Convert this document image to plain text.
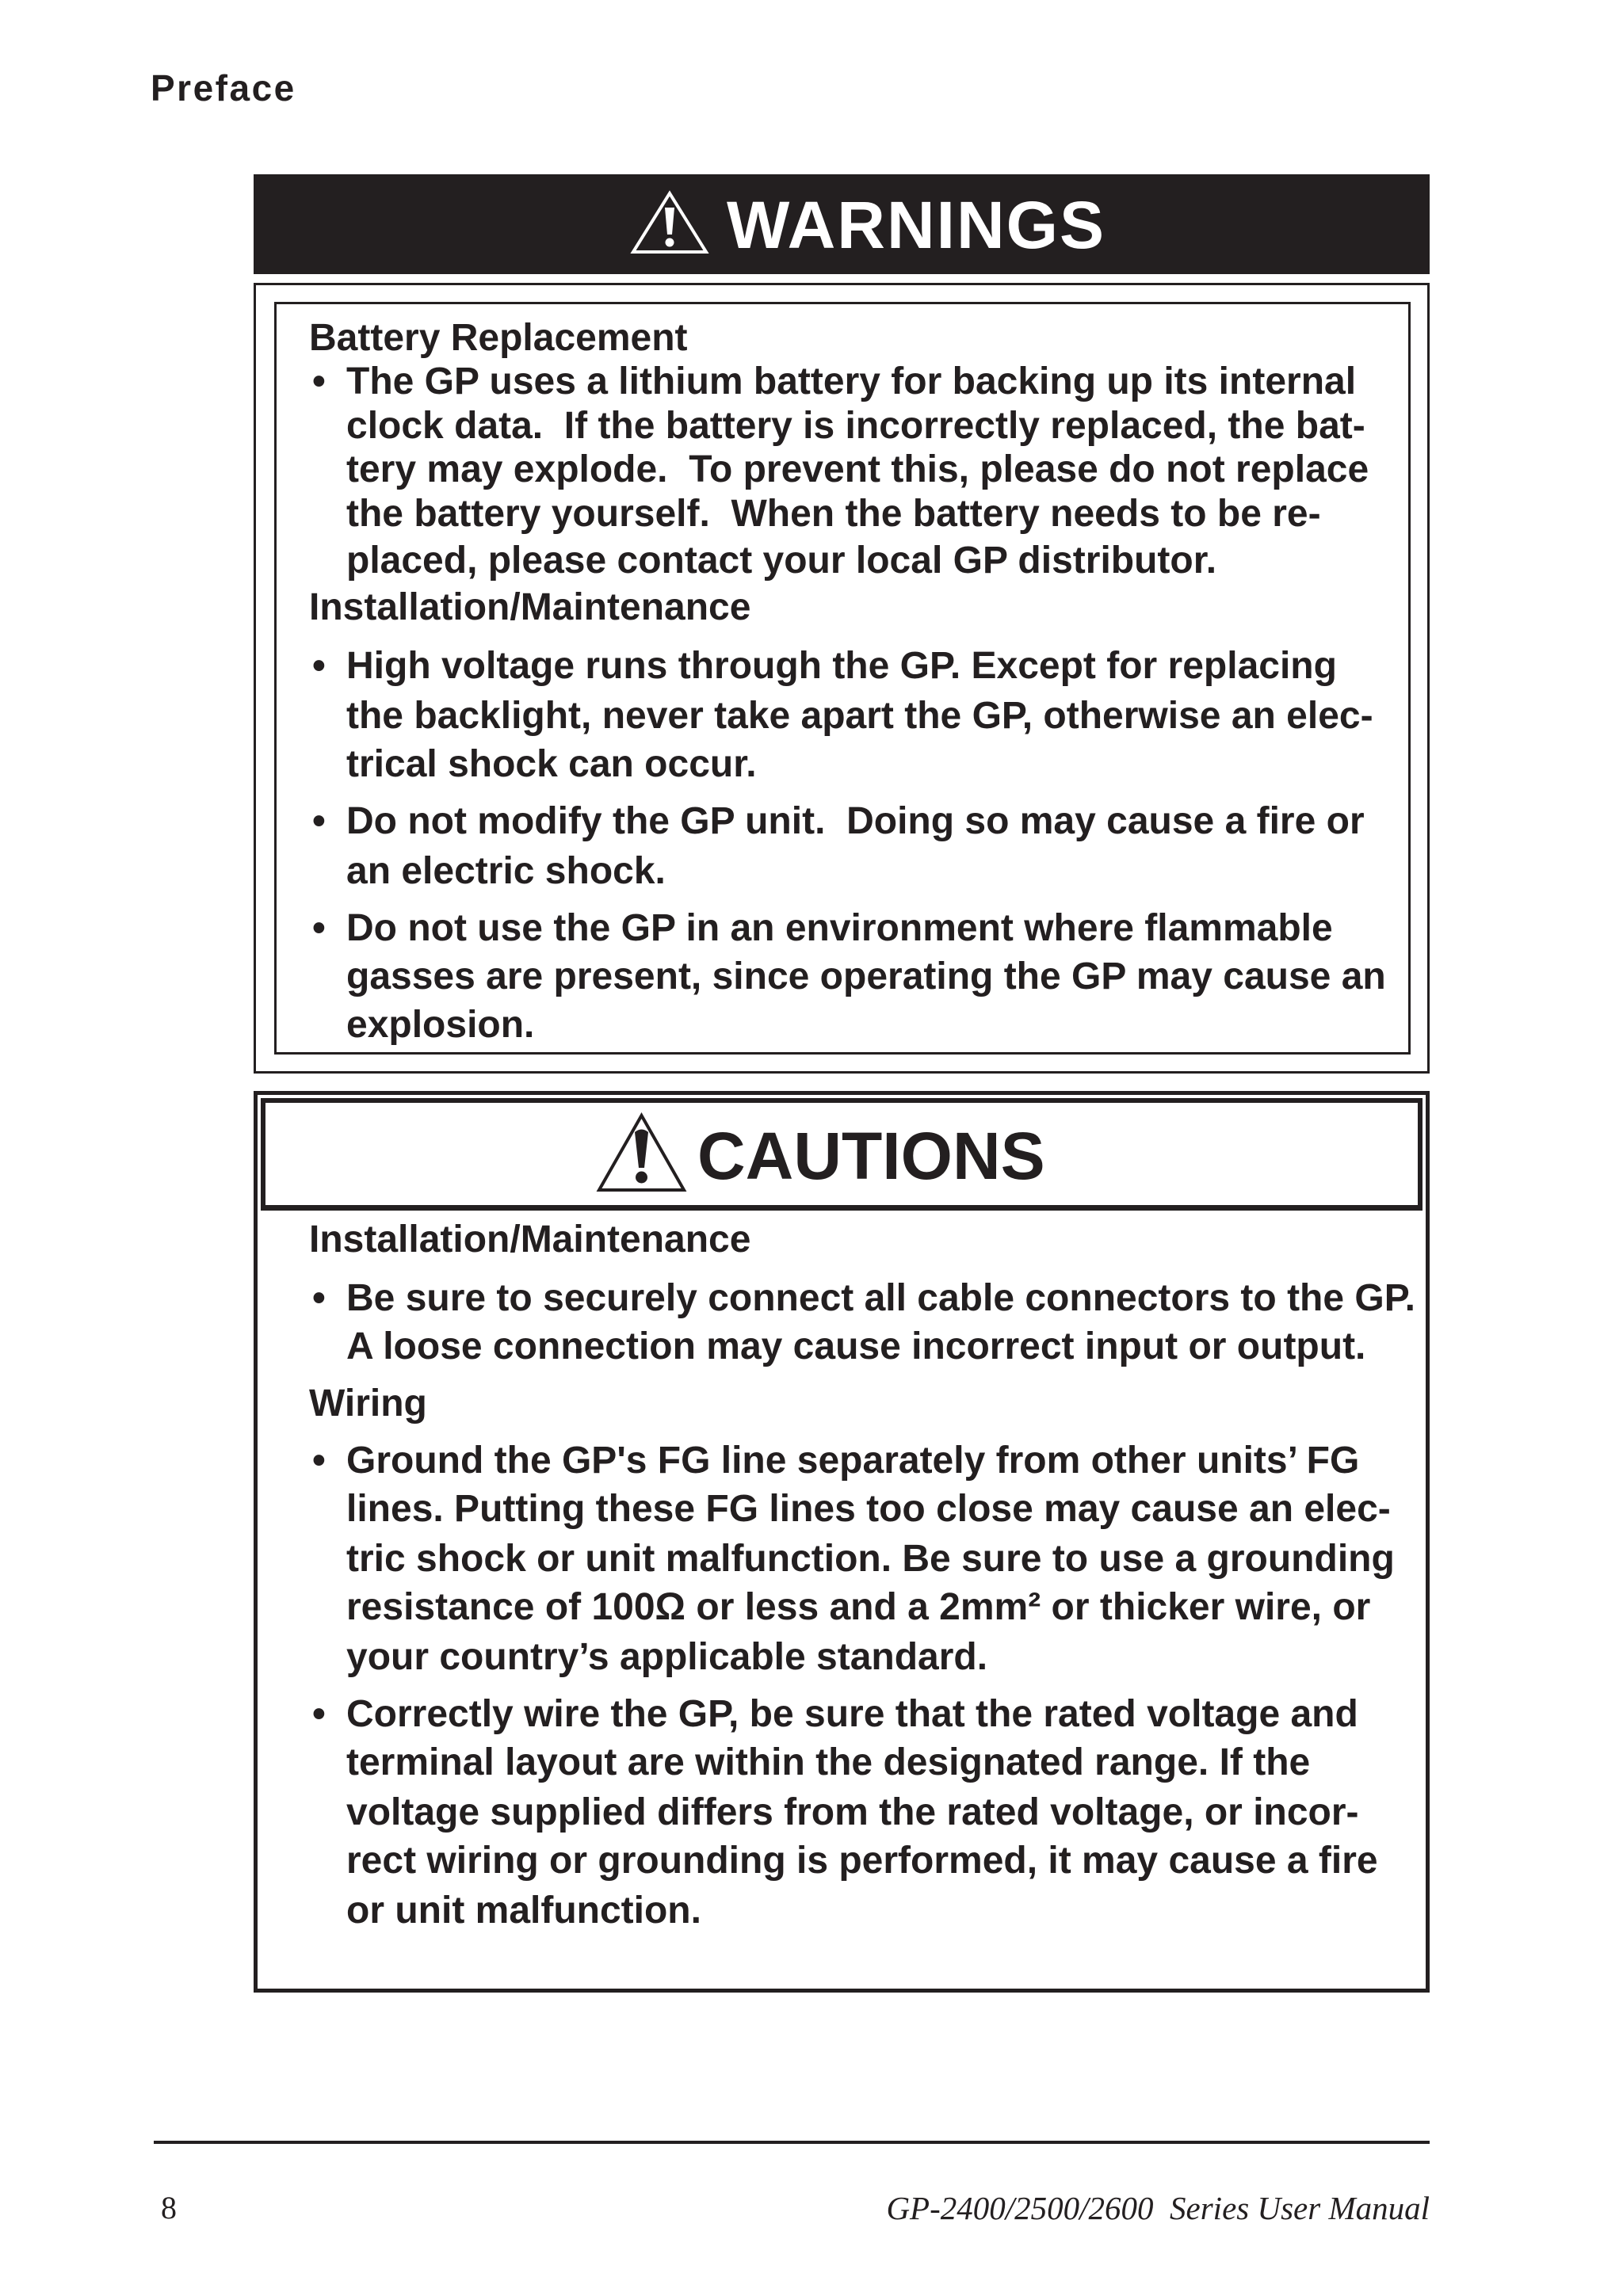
Preface
WARNINGS
Battery Replacement
• The GP uses a lithium battery for backing up its internal
clock data.  If the battery is incorrectly replaced, the bat-
tery may explode.  To prevent this, please do not replace
the battery yourself.  When the battery needs to be re-
placed, please contact your local GP distributor.
Installation/Maintenance
• High voltage runs through the GP. Except for replacing
the backlight, never take apart the GP, otherwise an elec-
trical shock can occur.
• Do not modify the GP unit.  Doing so may cause a fire or
an electric shock.
• Do not use the GP in an environment where flammable
gasses are present, since operating the GP may cause an
explosion.
CAUTIONS
Installation/Maintenance
• Be sure to securely connect all cable connectors to the GP.
A loose connection may cause incorrect input or output.
Wiring
• Ground the GP's FG line separately from other units’ FG
lines. Putting these FG lines too close may cause an elec-
tric shock or unit malfunction. Be sure to use a grounding
resistance of 100Ω or less and a 2mm² or thicker wire, or
your country’s applicable standard.
• Correctly wire the GP, be sure that the rated voltage and
terminal layout are within the designated range. If the
voltage supplied differs from the rated voltage, or incor-
rect wiring or grounding is performed, it may cause a fire
or unit malfunction.
8	GP-2400/2500/2600  Series User Manual
